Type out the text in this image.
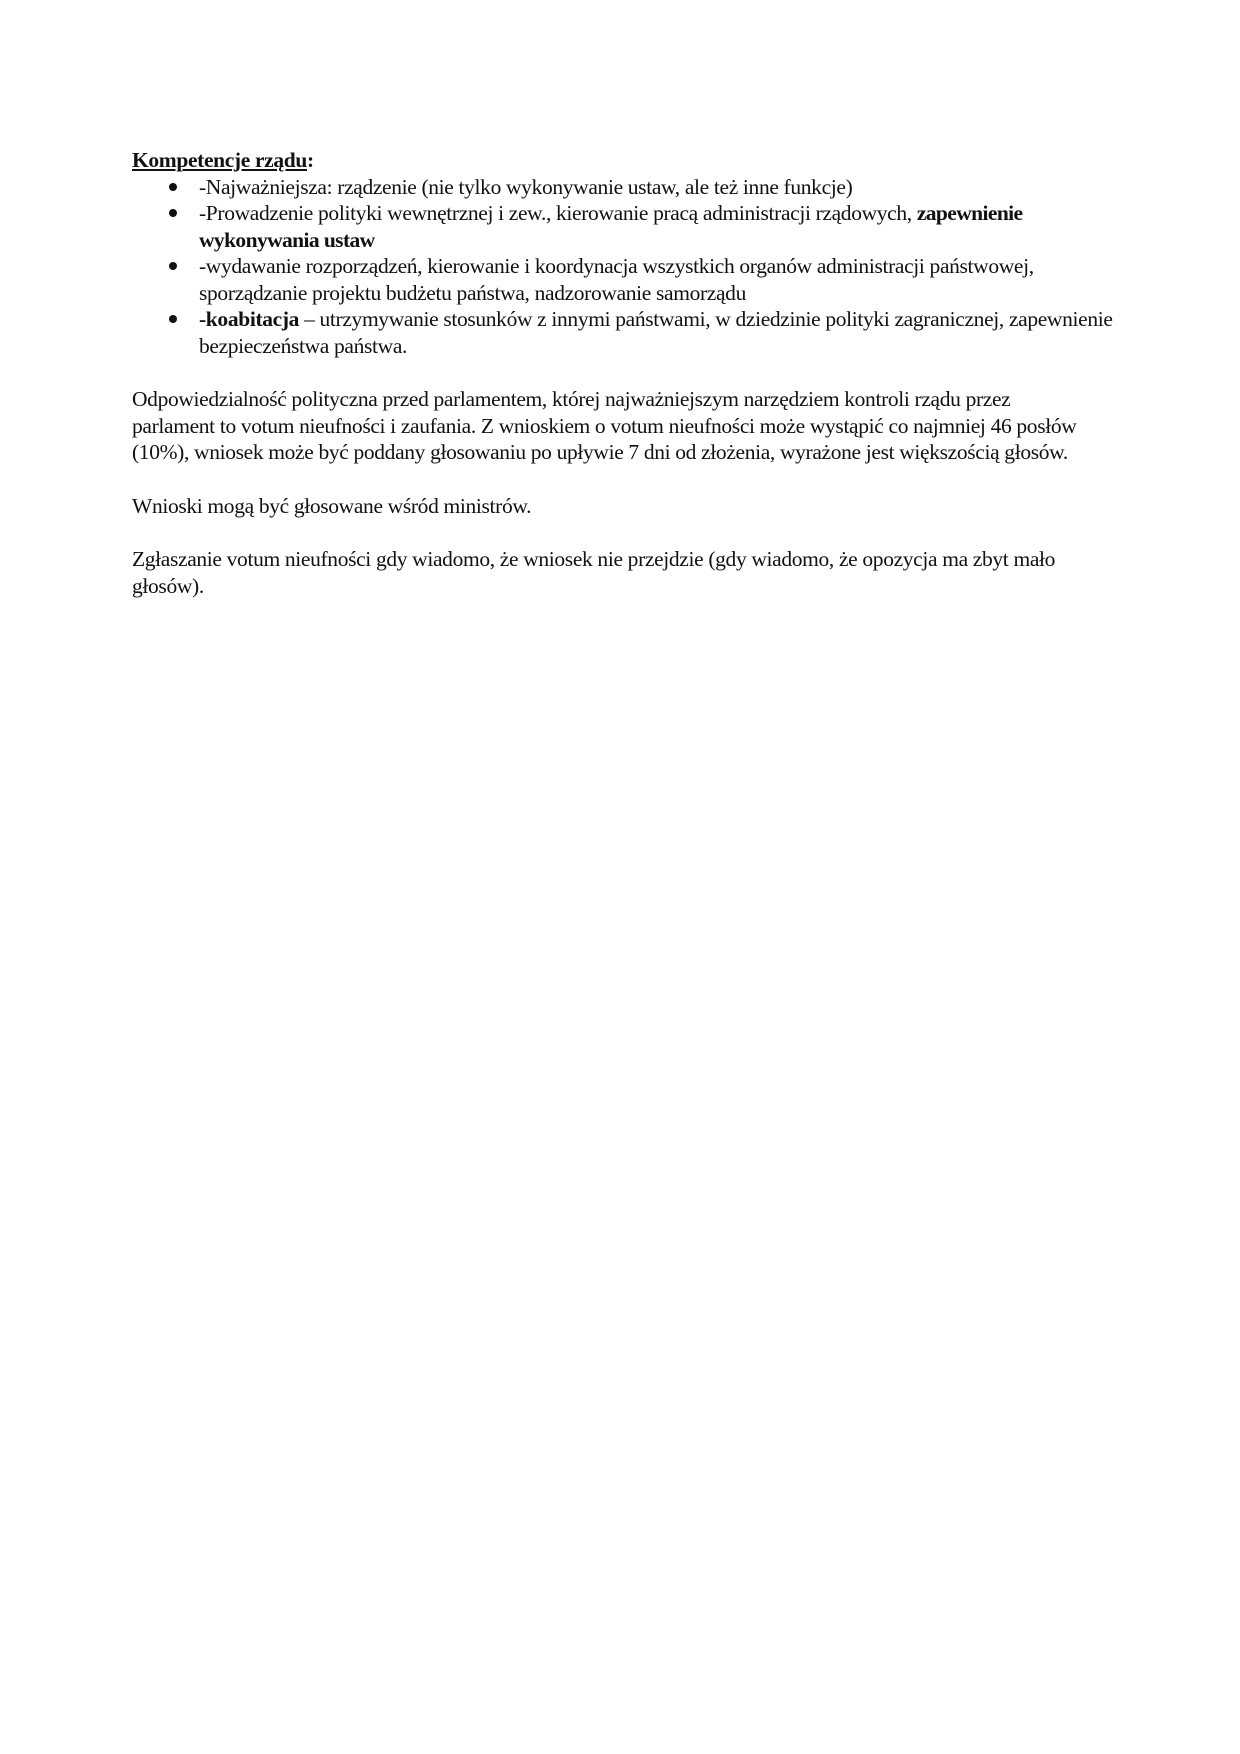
Kompetencje rządu:
-Najważniejsza: rządzenie (nie tylko wykonywanie ustaw, ale też inne funkcje)
-Prowadzenie polityki wewnętrznej i zew., kierowanie pracą administracji rządowych, zapewnienie wykonywania ustaw
-wydawanie rozporządzeń, kierowanie i koordynacja wszystkich organów administracji państwowej, sporządzanie projektu budżetu państwa, nadzorowanie samorządu
-koabitacja – utrzymywanie stosunków z innymi państwami, w dziedzinie polityki zagranicznej, zapewnienie bezpieczeństwa państwa.

Odpowiedzialność polityczna przed parlamentem, której najważniejszym narzędziem kontroli rządu przez parlament to votum nieufności i zaufania. Z wnioskiem o votum nieufności może wystąpić co najmniej 46 posłów (10%), wniosek może być poddany głosowaniu po upływie 7 dni od złożenia, wyrażone jest większością głosów.

Wnioski mogą być głosowane wśród ministrów.

Zgłaszanie votum nieufności gdy wiadomo, że wniosek nie przejdzie (gdy wiadomo, że opozycja ma zbyt mało głosów).
